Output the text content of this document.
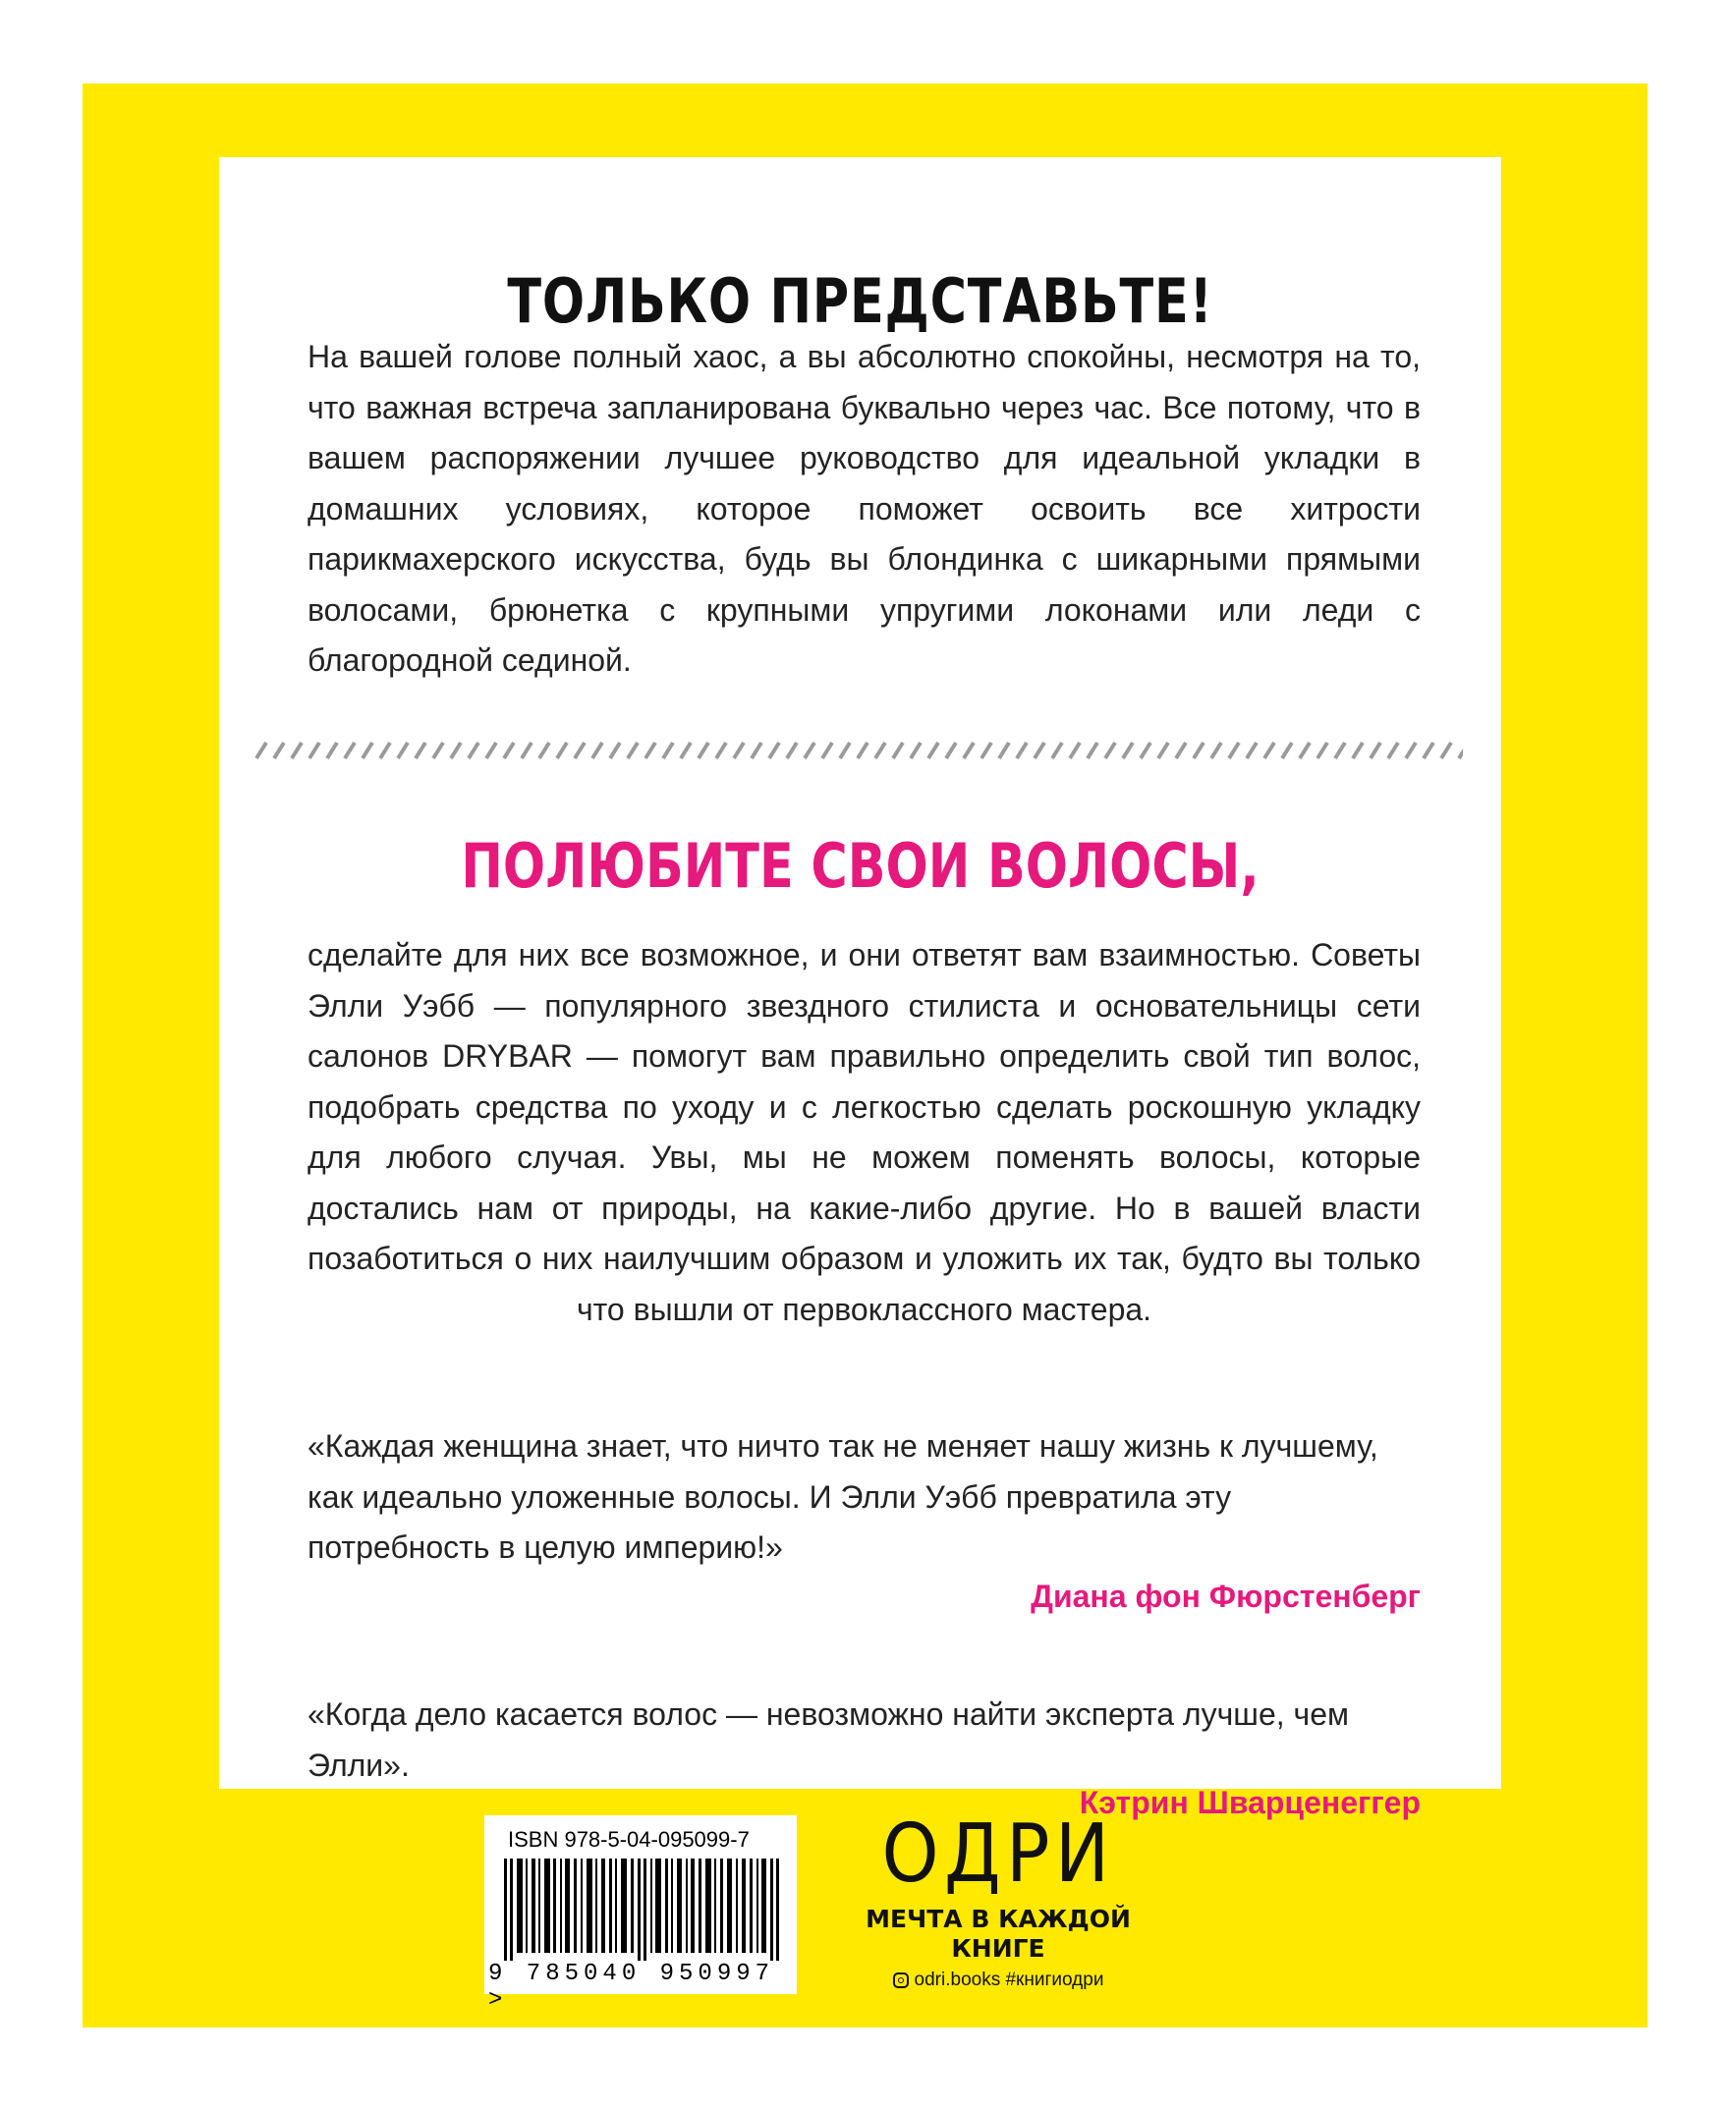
ТОЛЬКО ПРЕДСТАВЬТЕ!

На вашей голове полный хаос, а вы абсолютно спокойны, несмотря на то, что важная встреча запланирована буквально через час. Все потому, что в вашем распоряжении лучшее руководство для идеальной укладки в домашних условиях, которое поможет освоить все хитрости парикмахерского искусства, будь вы блондинка с шикарными прямыми волосами, брюнетка с крупными упругими локонами или леди с благородной сединой.

ПОЛЮБИТЕ СВОИ ВОЛОСЫ,

сделайте для них все возможное, и они ответят вам взаимностью. Советы Элли Уэбб — популярного звездного стилиста и основательницы сети салонов DRYBAR — помогут вам правильно определить свой тип волос, подобрать средства по уходу и с легкостью сделать роскошную укладку для любого случая. Увы, мы не можем поменять волосы, которые достались нам от природы, на какие-либо другие. Но в вашей власти позаботиться о них наилучшим образом и уложить их так, будто вы только что вышли от первоклассного мастера.

«Каждая женщина знает, что ничто так не меняет нашу жизнь к лучшему, как идеально уложенные волосы. И Элли Уэбб превратила эту потребность в целую империю!»

Диана фон Фюрстенберг

«Когда дело касается волос — невозможно найти эксперта лучше, чем Элли».

Кэтрин Шварценеггер

ISBN 978-5-04-095099-7
9 785040 950997 >
ОДРИ
МЕЧТА В КАЖДОЙ
КНИГЕ
odri.books #книгиодри
